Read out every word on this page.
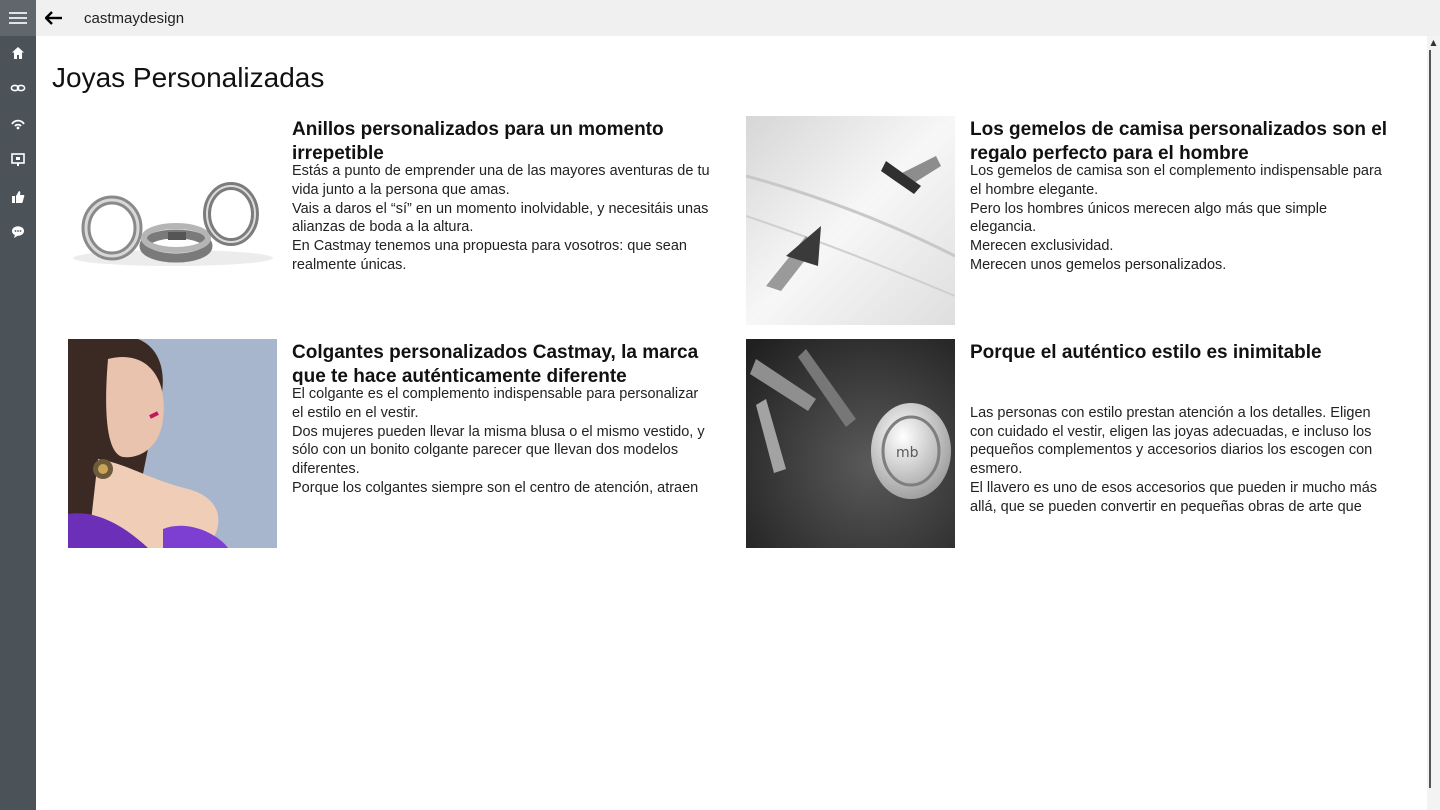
castmaydesign
Joyas Personalizadas
Anillos personalizados para un momento irrepetible

Estás a punto de emprender una de las mayores aventuras de tu vida junto a la persona que amas.

Vais a daros el “sí” en un momento inolvidable, y necesitáis unas alianzas de boda a la altura.

En Castmay tenemos una propuesta para vosotros: que sean realmente únicas.

Los gemelos de camisa personalizados son el regalo perfecto para el hombre

Los gemelos de camisa son el complemento indispensable para el hombre elegante.

Pero los hombres únicos merecen algo más que simple elegancia.

Merecen exclusividad.

Merecen unos gemelos personalizados.

Colgantes personalizados Castmay, la marca que te hace auténticamente diferente

El colgante es el complemento indispensable para personalizar el estilo en el vestir.

Dos mujeres pueden llevar la misma blusa o el mismo vestido, y sólo con un bonito colgante parecer que llevan dos modelos diferentes.

Porque los colgantes siempre son el centro de atención, atraen

mb
Porque el auténtico estilo es inimitable

Las personas con estilo prestan atención a los detalles. Eligen con cuidado el vestir, eligen las joyas adecuadas, e incluso los pequeños complementos y accesorios diarios los escogen con esmero.

El llavero es uno de esos accesorios que pueden ir mucho más allá, que se pueden convertir en pequeñas obras de arte que

▲
